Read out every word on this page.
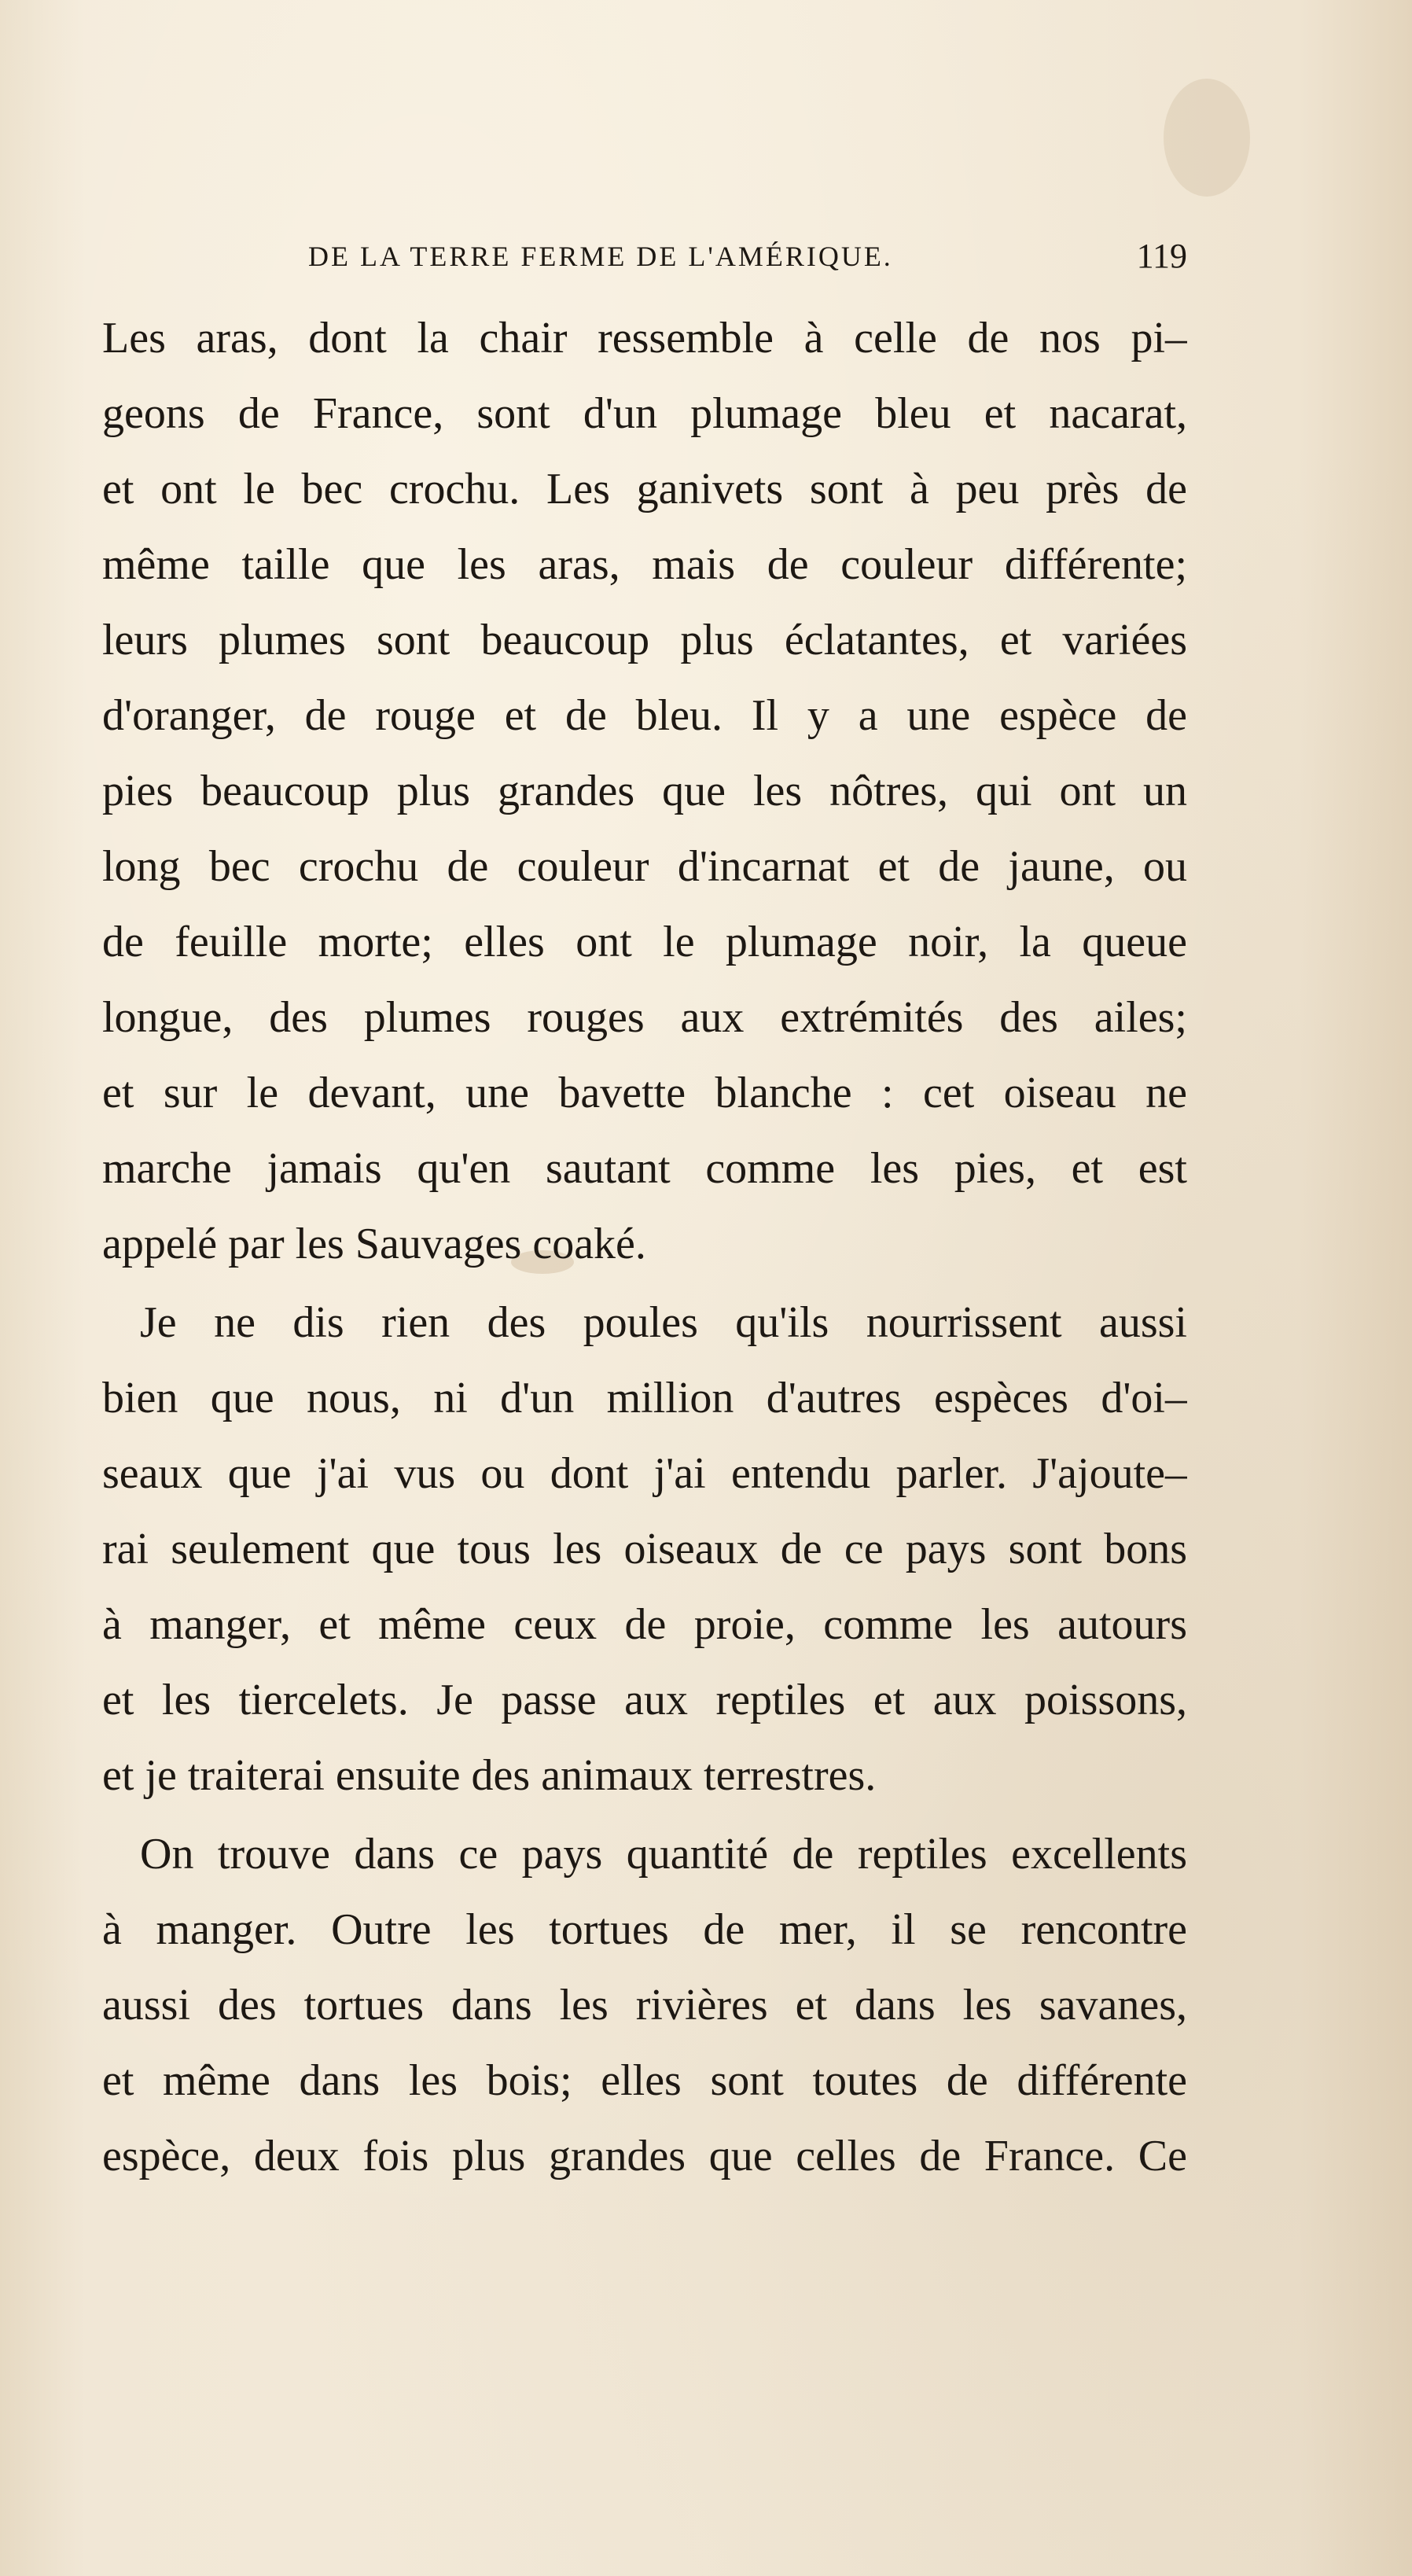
DE LA TERRE FERME DE L'AMÉRIQUE.	119
Les aras, dont la chair ressemble à celle de nos pi–
geons de France, sont d'un plumage bleu et nacarat,
et ont le bec crochu. Les ganivets sont à peu près de
même taille que les aras, mais de couleur différente;
leurs plumes sont beaucoup plus éclatantes, et variées
d'oranger, de rouge et de bleu. Il y a une espèce de
pies beaucoup plus grandes que les nôtres, qui ont un
long bec crochu de couleur d'incarnat et de jaune, ou
de feuille morte; elles ont le plumage noir, la queue
longue, des plumes rouges aux extrémités des ailes;
et sur le devant, une bavette blanche : cet oiseau ne
marche jamais qu'en sautant comme les pies, et est
appelé par les Sauvages coaké.
Je ne dis rien des poules qu'ils nourrissent aussi
bien que nous, ni d'un million d'autres espèces d'oi–
seaux que j'ai vus ou dont j'ai entendu parler. J'ajoute–
rai seulement que tous les oiseaux de ce pays sont bons
à manger, et même ceux de proie, comme les autours
et les tiercelets. Je passe aux reptiles et aux poissons,
et je traiterai ensuite des animaux terrestres.
On trouve dans ce pays quantité de reptiles excellents
à manger. Outre les tortues de mer, il se rencontre
aussi des tortues dans les rivières et dans les savanes,
et même dans les bois; elles sont toutes de différente
espèce, deux fois plus grandes que celles de France. Ce
